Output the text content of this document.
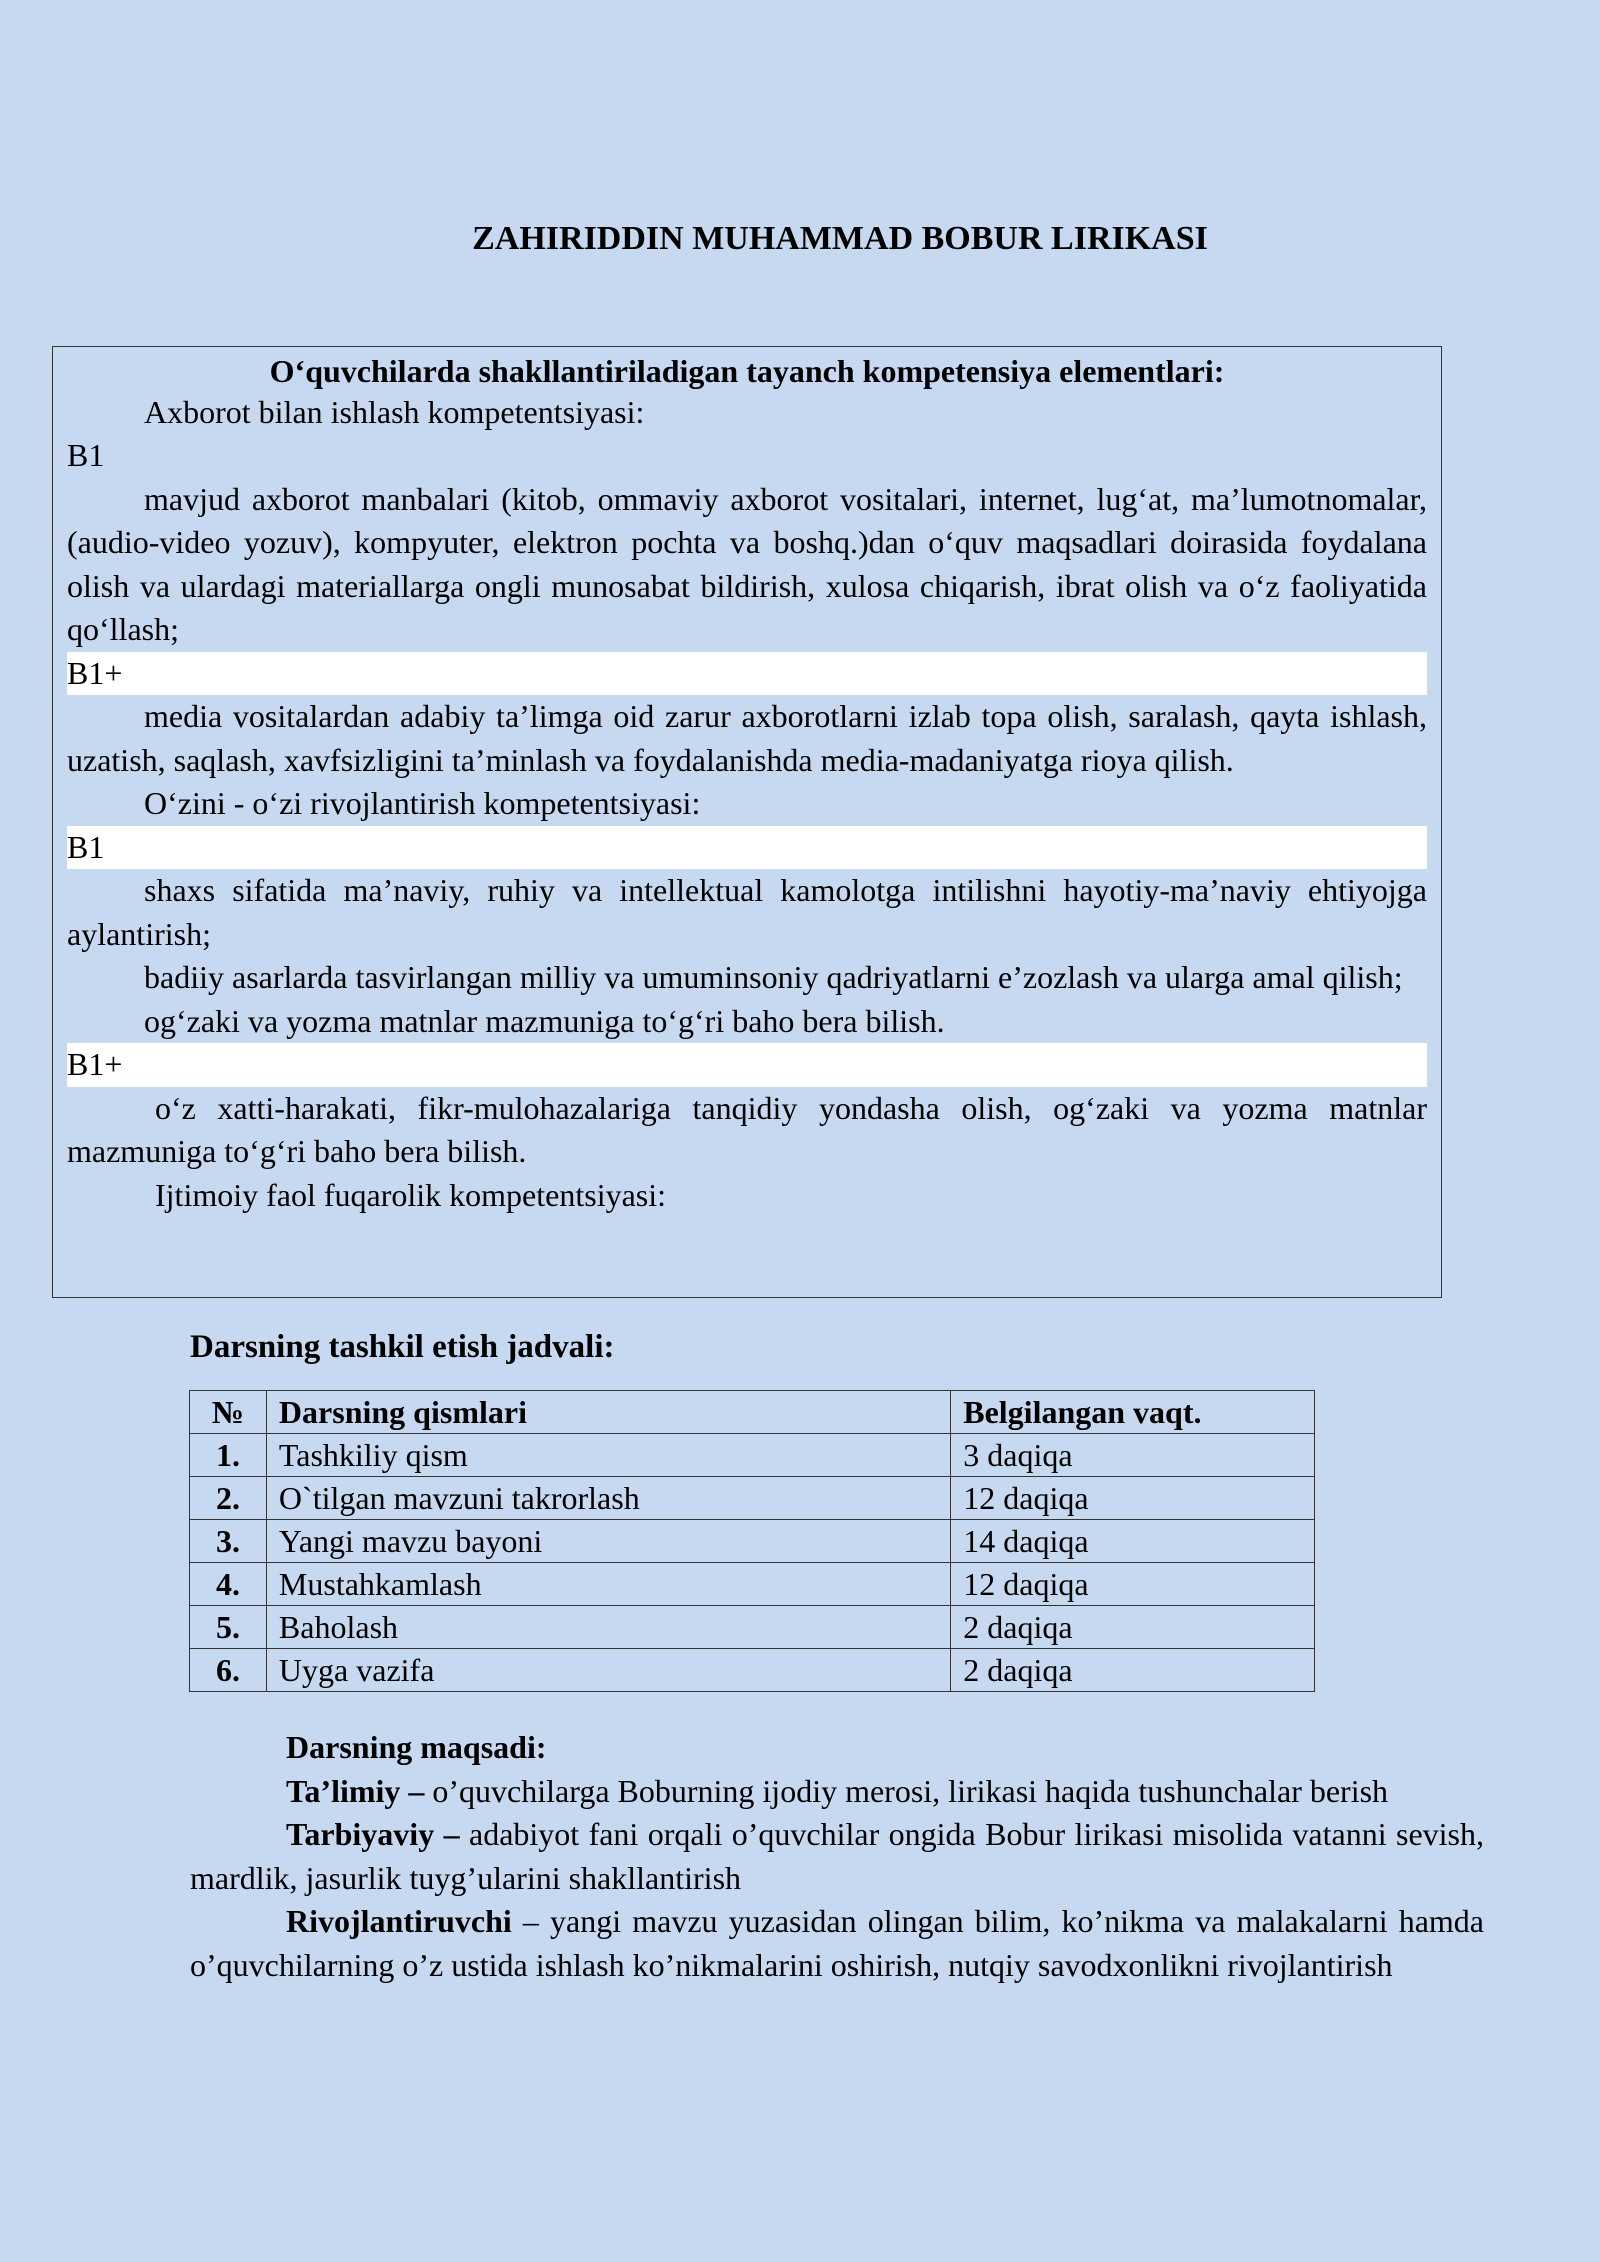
ZAHIRIDDIN MUHAMMAD BOBUR LIRIKASI
O‘quvchilarda shakllantiriladigan tayanch kompetensiya elementlari:

Axborot bilan ishlash kompetentsiyasi:

B1

mavjud axborot manbalari (kitob, ommaviy axborot vositalari, internet, lug‘at, ma’lumotnomalar, (audio-video yozuv), kompyuter, elektron pochta va boshq.)dan o‘quv maqsadlari doirasida foydalana olish va ulardagi materiallarga ongli munosabat bildirish, xulosa chiqarish, ibrat olish va o‘z faoliyatida qo‘llash;

B1+

media vositalardan adabiy ta’limga oid zarur axborotlarni izlab topa olish, saralash, qayta ishlash, uzatish, saqlash, xavfsizligini ta’minlash va foydalanishda media-madaniyatga rioya qilish.

O‘zini - o‘zi rivojlantirish kompetentsiyasi:

B1

shaxs sifatida ma’naviy, ruhiy va intellektual kamolotga intilishni hayotiy-ma’naviy ehtiyojga aylantirish;

badiiy asarlarda tasvirlangan milliy va umuminsoniy qadriyatlarni e’zozlash va ularga amal qilish;

og‘zaki va yozma matnlar mazmuniga to‘g‘ri baho bera bilish.

B1+

o‘z xatti-harakati, fikr-mulohazalariga tanqidiy yondasha olish, og‘zaki va yozma matnlar mazmuniga to‘g‘ri baho bera bilish.

Ijtimoiy faol fuqarolik kompetentsiyasi:

Darsning tashkil etish jadvali:
№	Darsning qismlari	Belgilangan vaqt.
1.	Tashkiliy qism	3 daqiqa
2.	O`tilgan mavzuni takrorlash	12 daqiqa
3.	Yangi mavzu bayoni	14 daqiqa
4.	Mustahkamlash	12 daqiqa
5.	Baholash	2 daqiqa
6.	Uyga vazifa	2 daqiqa

Darsning maqsadi:

Ta’limiy – o’quvchilarga Boburning ijodiy merosi, lirikasi haqida tushunchalar berish

Tarbiyaviy – adabiyot fani orqali o’quvchilar ongida Bobur lirikasi misolida vatanni sevish, mardlik, jasurlik tuyg’ularini shakllantirish

Rivojlantiruvchi – yangi mavzu yuzasidan olingan bilim, ko’nikma va malakalarni hamda o’quvchilarning o’z ustida ishlash ko’nikmalarini oshirish, nutqiy savodxonlikni rivojlantirish
